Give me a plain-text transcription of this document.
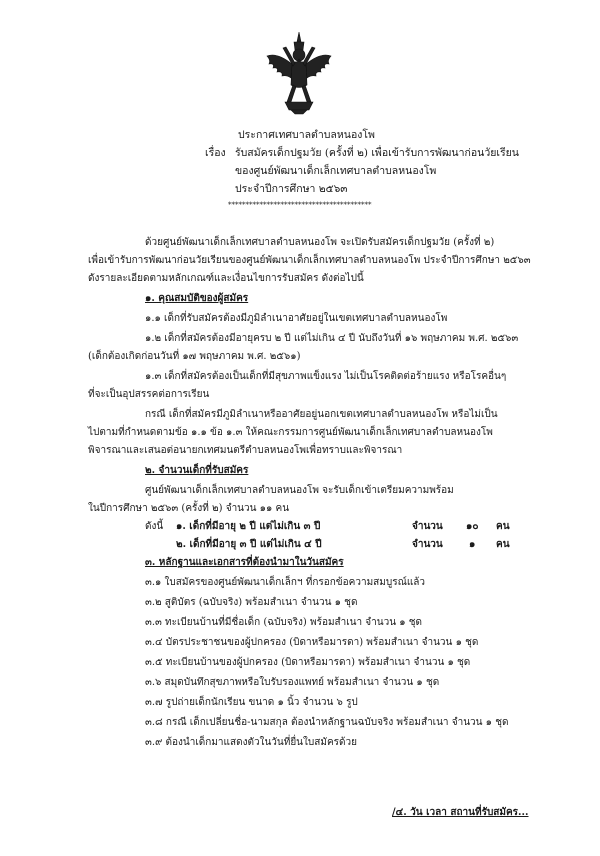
ประกาศเทศบาลตำบลหนองโพ
เรื่อง รับสมัครเด็กปฐมวัย (ครั้งที่ ๒) เพื่อเข้ารับการพัฒนาก่อนวัยเรียน
ของศูนย์พัฒนาเด็กเล็กเทศบาลตำบลหนองโพ
ประจำปีการศึกษา ๒๕๖๓
*****************************************
ด้วยศูนย์พัฒนาเด็กเล็กเทศบาลตำบลหนองโพ จะเปิดรับสมัครเด็กปฐมวัย (ครั้งที่ ๒)
เพื่อเข้ารับการพัฒนาก่อนวัยเรียนของศูนย์พัฒนาเด็กเล็กเทศบาลตำบลหนองโพ ประจำปีการศึกษา ๒๕๖๓
ดังรายละเอียดตามหลักเกณฑ์และเงื่อนไขการรับสมัคร ดังต่อไปนี้
๑. คุณสมบัติของผู้สมัคร
๑.๑ เด็กที่รับสมัครต้องมีภูมิลำเนาอาศัยอยู่ในเขตเทศบาลตำบลหนองโพ
๑.๒ เด็กที่สมัครต้องมีอายุครบ ๒ ปี แต่ไม่เกิน ๔ ปี นับถึงวันที่ ๑๖ พฤษภาคม พ.ศ. ๒๕๖๓
(เด็กต้องเกิดก่อนวันที่ ๑๗ พฤษภาคม พ.ศ. ๒๕๖๑)
๑.๓ เด็กที่สมัครต้องเป็นเด็กที่มีสุขภาพแข็งแรง ไม่เป็นโรคติดต่อร้ายแรง หรือโรคอื่นๆ
ที่จะเป็นอุปสรรคต่อการเรียน
กรณี เด็กที่สมัครมีภูมิลำเนาหรืออาศัยอยู่นอกเขตเทศบาลตำบลหนองโพ หรือไม่เป็น
ไปตามที่กำหนดตามข้อ ๑.๑ ข้อ ๑.๓ ให้คณะกรรมการศูนย์พัฒนาเด็กเล็กเทศบาลตำบลหนองโพ
พิจารณาและเสนอต่อนายกเทศมนตรีตำบลหนองโพเพื่อทราบและพิจารณา
๒. จำนวนเด็กที่รับสมัคร
ศูนย์พัฒนาเด็กเล็กเทศบาลตำบลหนองโพ จะรับเด็กเข้าเตรียมความพร้อม
ในปีการศึกษา ๒๕๖๓ (ครั้งที่ ๒) จำนวน ๑๑ คน
ดังนี้ ๑. เด็กที่มีอายุ ๒ ปี แต่ไม่เกิน ๓ ปี	จำนวน ๑๐ คน
๒. เด็กที่มีอายุ ๓ ปี แต่ไม่เกิน ๔ ปี	จำนวน	๑ คน
๓. หลักฐานและเอกสารที่ต้องนำมาในวันสมัคร
๓.๑ ใบสมัครของศูนย์พัฒนาเด็กเล็กฯ ที่กรอกข้อความสมบูรณ์แล้ว
๓.๒ สูติบัตร (ฉบับจริง) พร้อมสำเนา จำนวน ๑ ชุด
๓.๓ ทะเบียนบ้านที่มีชื่อเด็ก (ฉบับจริง) พร้อมสำเนา จำนวน ๑ ชุด
๓.๔ บัตรประชาชนของผู้ปกครอง (บิดาหรือมารดา) พร้อมสำเนา จำนวน ๑ ชุด
๓.๕ ทะเบียนบ้านของผู้ปกครอง (บิดาหรือมารดา) พร้อมสำเนา จำนวน ๑ ชุด
๓.๖ สมุดบันทึกสุขภาพหรือใบรับรองแพทย์ พร้อมสำเนา จำนวน ๑ ชุด
๓.๗ รูปถ่ายเด็กนักเรียน ขนาด ๑ นิ้ว จำนวน ๖ รูป
๓.๘ กรณี เด็กเปลี่ยนชื่อ-นามสกุล ต้องนำหลักฐานฉบับจริง พร้อมสำเนา จำนวน ๑ ชุด
๓.๙ ต้องนำเด็กมาแสดงตัวในวันที่ยื่นใบสมัครด้วย
/๔. วัน เวลา สถานที่รับสมัคร...
